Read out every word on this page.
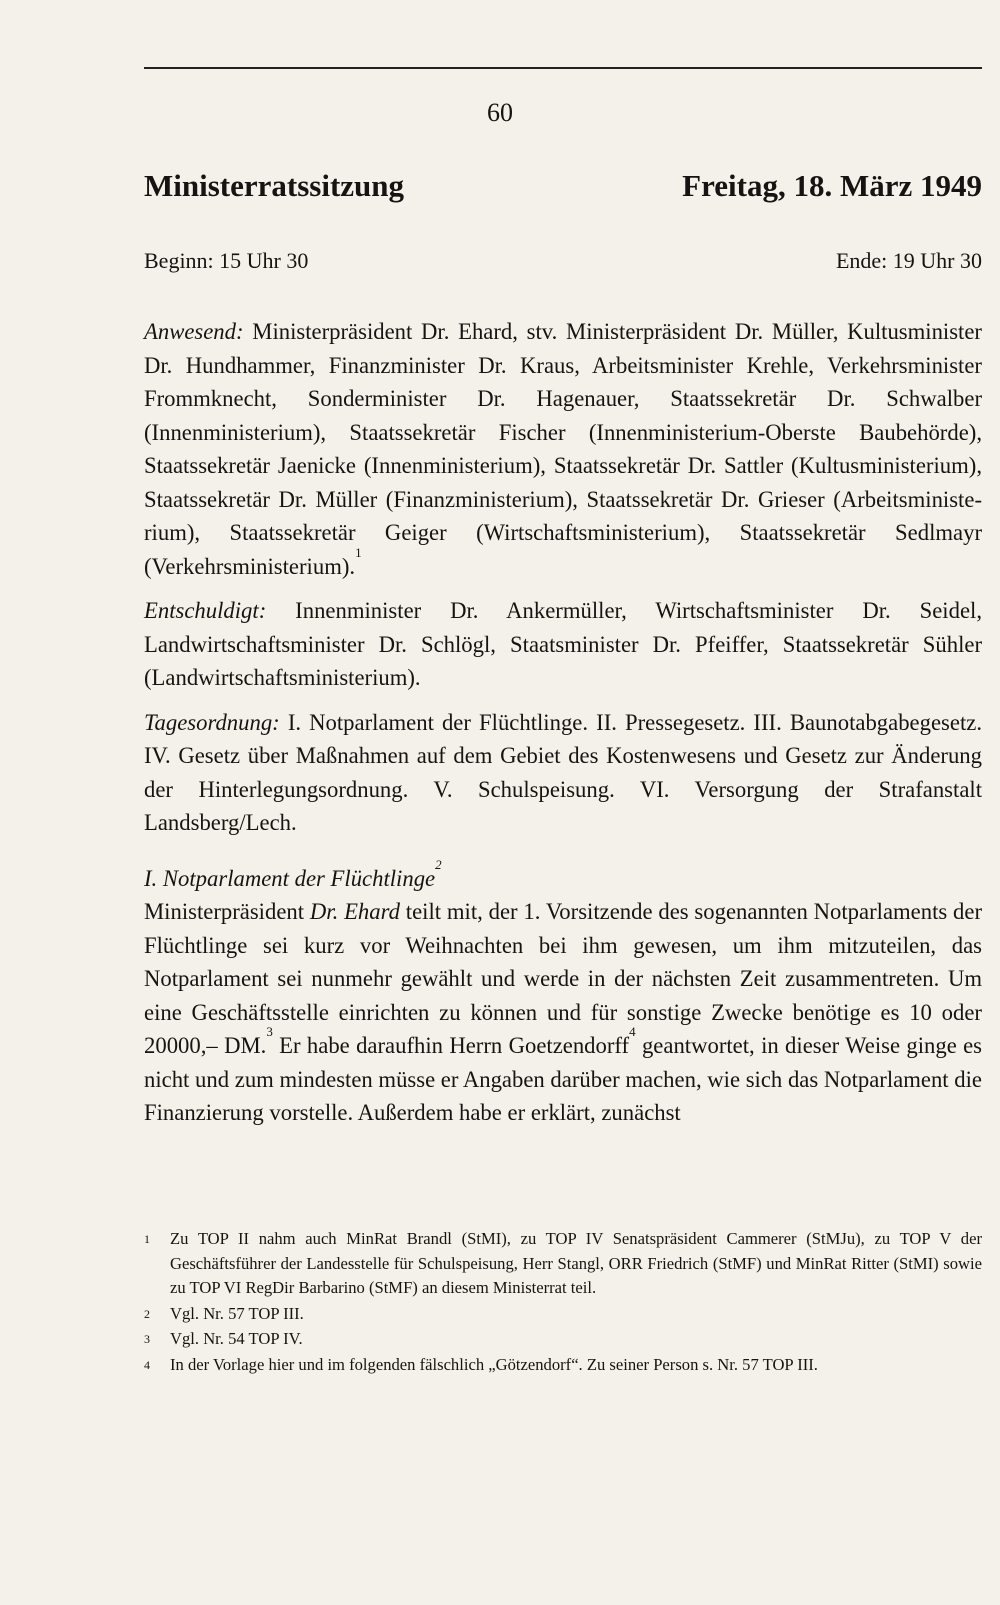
60
Ministerratssitzung	Freitag, 18. März 1949
Beginn: 15 Uhr 30	Ende: 19 Uhr 30

Anwesend: Ministerpräsident Dr. Ehard, stv. Ministerpräsident Dr. Müller, Kultusminister Dr. Hundhammer, Finanzminister Dr. Kraus, Arbeitsminister Krehle, Verkehrsminister Frommknecht, Sonderminister Dr. Hagenauer, Staatssekretär Dr. Schwalber (Innenministerium), Staatssekretär Fischer (Innenministerium-Oberste Baubehörde), Staatssekretär Jaenicke (Innenministerium), Staatssekretär Dr. Sattler (Kultusministerium), Staatssekretär Dr. Müller (Finanzministerium), Staatssekretär Dr. Grieser (Arbeitsministerium), Staatssekretär Geiger (Wirtschaftsministerium), Staatssekretär Sedlmayr (Verkehrsministerium).$^1$

Entschuldigt: Innenminister Dr. Ankermüller, Wirtschaftsminister Dr. Seidel, Landwirtschaftsminister Dr. Schlögl, Staatsminister Dr. Pfeiffer, Staatssekretär Sühler (Landwirtschaftsministerium).

Tagesordnung: I. Notparlament der Flüchtlinge. II. Pressegesetz. III. Baunotabgabegesetz. IV. Gesetz über Maßnahmen auf dem Gebiet des Kostenwesens und Gesetz zur Änderung der Hinterlegungsordnung. V. Schulspeisung. VI. Versorgung der Strafanstalt Landsberg/Lech.

I. Notparlament der Flüchtlinge$^2$

Ministerpräsident Dr. Ehard teilt mit, der 1. Vorsitzende des sogenannten Notparlaments der Flüchtlinge sei kurz vor Weihnachten bei ihm gewesen, um ihm mitzuteilen, das Notparlament sei nunmehr gewählt und werde in der nächsten Zeit zusammentreten. Um eine Geschäftsstelle einrichten zu können und für sonstige Zwecke benötige es 10 oder 20000,– DM.$^3$ Er habe daraufhin Herrn Goetzendorff$^4$ geantwortet, in dieser Weise ginge es nicht und zum mindesten müsse er Angaben darüber machen, wie sich das Notparlament die Finanzierung vorstelle. Außerdem habe er erklärt, zunächst

1	Zu TOP II nahm auch MinRat Brandl (StMI), zu TOP IV Senatspräsident Cammerer (StMJu), zu TOP V der Geschäftsführer der Landesstelle für Schulspeisung, Herr Stangl, ORR Friedrich (StMF) und MinRat Ritter (StMI) sowie zu TOP VI RegDir Barbarino (StMF) an diesem Ministerrat teil.
2	Vgl. Nr. 57 TOP III.
3	Vgl. Nr. 54 TOP IV.
4	In der Vorlage hier und im folgenden fälschlich „Götzendorf“. Zu seiner Person s. Nr. 57 TOP III.
